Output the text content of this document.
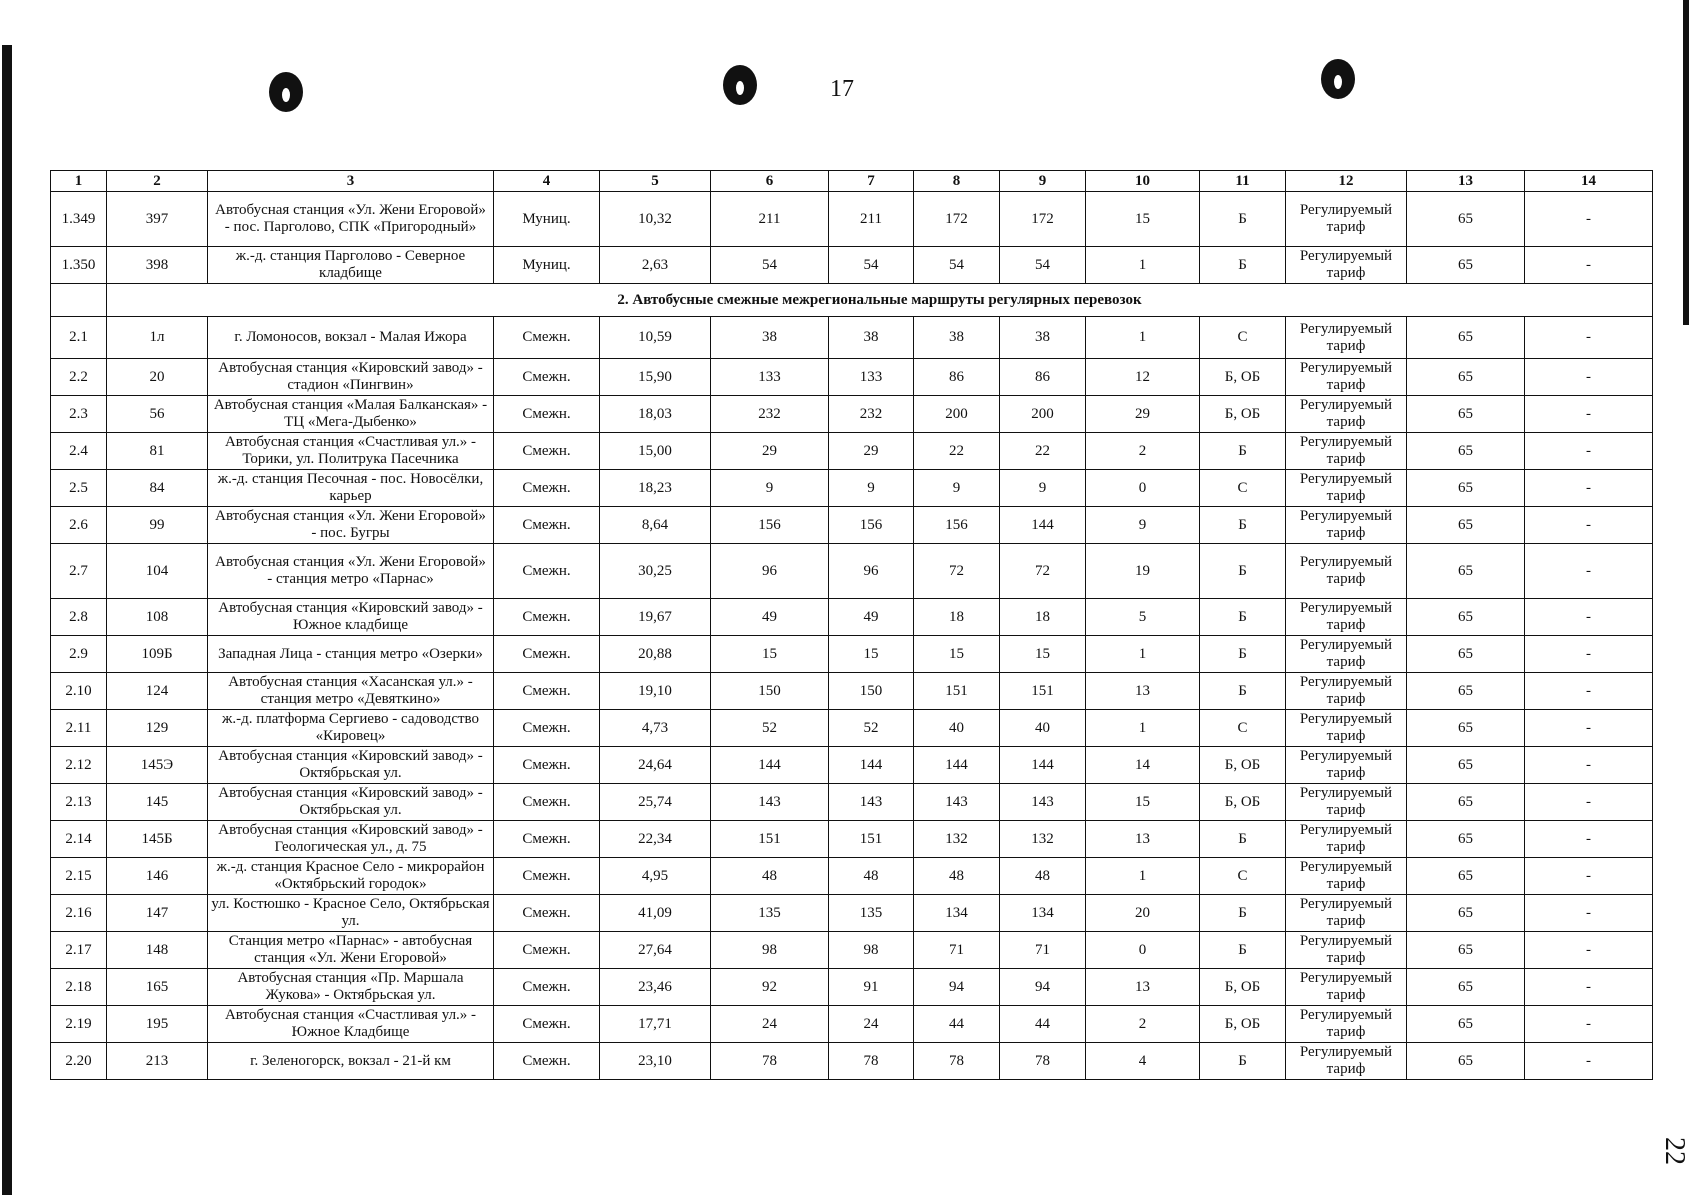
17
22
1	2	3	4	5	6	7	8	9	10	11	12	13	14
1.349	397	Автобусная станция «Ул. Жени Егоровой» - пос. Парголово, СПК «Пригородный»	Муниц.	10,32	211	211	172	172	15	Б	Регулируемый тариф	65	-
1.350	398	ж.-д. станция Парголово - Северное кладбище	Муниц.	2,63	54	54	54	54	1	Б	Регулируемый тариф	65	-
	2. Автобусные смежные межрегиональные маршруты регулярных перевозок												
2.1	1л	г. Ломоносов, вокзал - Малая Ижора	Смежн.	10,59	38	38	38	38	1	С	Регулируемый тариф	65	-
2.2	20	Автобусная станция «Кировский завод» - стадион «Пингвин»	Смежн.	15,90	133	133	86	86	12	Б, ОБ	Регулируемый тариф	65	-
2.3	56	Автобусная станция «Малая Балканская» - ТЦ «Мега-Дыбенко»	Смежн.	18,03	232	232	200	200	29	Б, ОБ	Регулируемый тариф	65	-
2.4	81	Автобусная станция «Счастливая ул.» - Торики, ул. Политрука Пасечника	Смежн.	15,00	29	29	22	22	2	Б	Регулируемый тариф	65	-
2.5	84	ж.-д. станция Песочная - пос. Новосёлки, карьер	Смежн.	18,23	9	9	9	9	0	С	Регулируемый тариф	65	-
2.6	99	Автобусная станция «Ул. Жени Егоровой» - пос. Бугры	Смежн.	8,64	156	156	156	144	9	Б	Регулируемый тариф	65	-
2.7	104	Автобусная станция «Ул. Жени Егоровой» - станция метро «Парнас»	Смежн.	30,25	96	96	72	72	19	Б	Регулируемый тариф	65	-
2.8	108	Автобусная станция «Кировский завод» - Южное кладбище	Смежн.	19,67	49	49	18	18	5	Б	Регулируемый тариф	65	-
2.9	109Б	Западная Лица - станция метро «Озерки»	Смежн.	20,88	15	15	15	15	1	Б	Регулируемый тариф	65	-
2.10	124	Автобусная станция «Хасанская ул.» - станция метро «Девяткино»	Смежн.	19,10	150	150	151	151	13	Б	Регулируемый тариф	65	-
2.11	129	ж.-д. платформа Сергиево - садоводство «Кировец»	Смежн.	4,73	52	52	40	40	1	С	Регулируемый тариф	65	-
2.12	145Э	Автобусная станция «Кировский завод» - Октябрьская ул.	Смежн.	24,64	144	144	144	144	14	Б, ОБ	Регулируемый тариф	65	-
2.13	145	Автобусная станция «Кировский завод» - Октябрьская ул.	Смежн.	25,74	143	143	143	143	15	Б, ОБ	Регулируемый тариф	65	-
2.14	145Б	Автобусная станция «Кировский завод» - Геологическая ул., д. 75	Смежн.	22,34	151	151	132	132	13	Б	Регулируемый тариф	65	-
2.15	146	ж.-д. станция Красное Село - микрорайон «Октябрьский городок»	Смежн.	4,95	48	48	48	48	1	С	Регулируемый тариф	65	-
2.16	147	ул. Костюшко - Красное Село, Октябрьская ул.	Смежн.	41,09	135	135	134	134	20	Б	Регулируемый тариф	65	-
2.17	148	Станция метро «Парнас» - автобусная станция «Ул. Жени Егоровой»	Смежн.	27,64	98	98	71	71	0	Б	Регулируемый тариф	65	-
2.18	165	Автобусная станция «Пр. Маршала Жукова» - Октябрьская ул.	Смежн.	23,46	92	91	94	94	13	Б, ОБ	Регулируемый тариф	65	-
2.19	195	Автобусная станция «Счастливая ул.» - Южное Кладбище	Смежн.	17,71	24	24	44	44	2	Б, ОБ	Регулируемый тариф	65	-
2.20	213	г. Зеленогорск, вокзал - 21-й км	Смежн.	23,10	78	78	78	78	4	Б	Регулируемый тариф	65	-
